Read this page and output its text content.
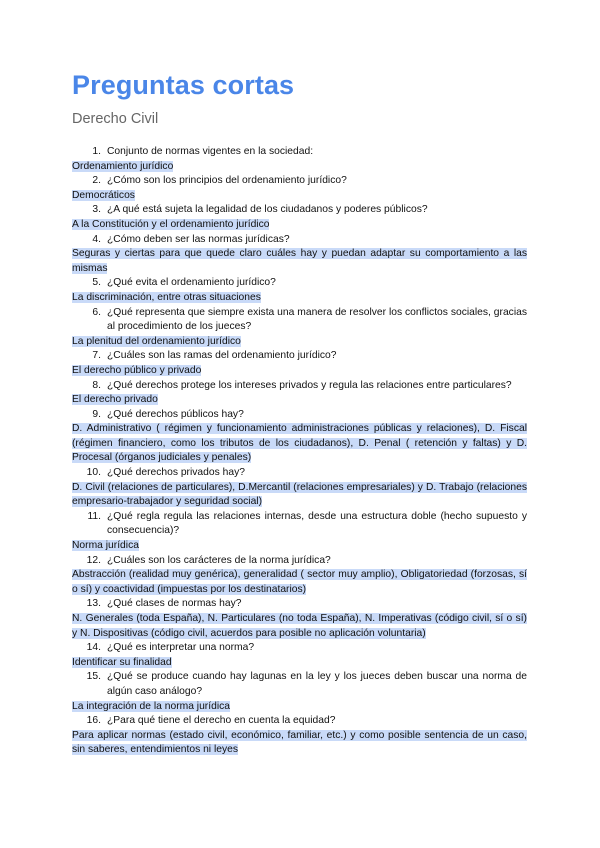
Preguntas cortas
Derecho Civil
1. Conjunto de normas vigentes en la sociedad:
Ordenamiento jurídico
2. ¿Cómo son los principios del ordenamiento jurídico?
Democráticos
3. ¿A qué está sujeta la legalidad de los ciudadanos y poderes públicos?
A la Constitución y el ordenamiento jurídico
4. ¿Cómo deben ser las normas jurídicas?
Seguras y ciertas para que quede claro cuáles hay y puedan adaptar su comportamiento a las mismas
5. ¿Qué evita el ordenamiento jurídico?
La discriminación, entre otras situaciones
6. ¿Qué representa que siempre exista una manera de resolver los conflictos sociales, gracias al procedimiento de los jueces?
La plenitud del ordenamiento jurídico
7. ¿Cuáles son las ramas del ordenamiento jurídico?
El derecho público y privado
8. ¿Qué derechos protege los intereses privados y regula las relaciones entre particulares?
El derecho privado
9. ¿Qué derechos públicos hay?
D. Administrativo ( régimen y funcionamiento administraciones públicas y relaciones), D. Fiscal (régimen financiero, como los tributos de los ciudadanos), D. Penal ( retención y faltas) y D. Procesal (órganos judiciales y penales)
10. ¿Qué derechos privados hay?
D. Civil (relaciones de particulares), D.Mercantil (relaciones empresariales) y D. Trabajo (relaciones empresario-trabajador y seguridad social)
11. ¿Qué regla regula las relaciones internas, desde una estructura doble (hecho supuesto y consecuencia)?
Norma jurídica
12. ¿Cuáles son los carácteres de la norma jurídica?
Abstracción (realidad muy genérica), generalidad ( sector muy amplio), Obligatoriedad (forzosas, sí o sí) y coactividad (impuestas por los destinatarios)
13. ¿Qué clases de normas hay?
N. Generales (toda España), N. Particulares (no toda España), N. Imperativas (código civil, sí o sí) y N. Dispositivas (código civil, acuerdos para posible no aplicación voluntaria)
14. ¿Qué es interpretar una norma?
Identificar su finalidad
15. ¿Qué se produce cuando hay lagunas en la ley y los jueces deben buscar una norma de algún caso análogo?
La integración de la norma jurídica
16. ¿Para qué tiene el derecho en cuenta la equidad?
Para aplicar normas (estado civil, económico, familiar, etc.) y como posible sentencia de un caso, sin saberes, entendimientos ni leyes
